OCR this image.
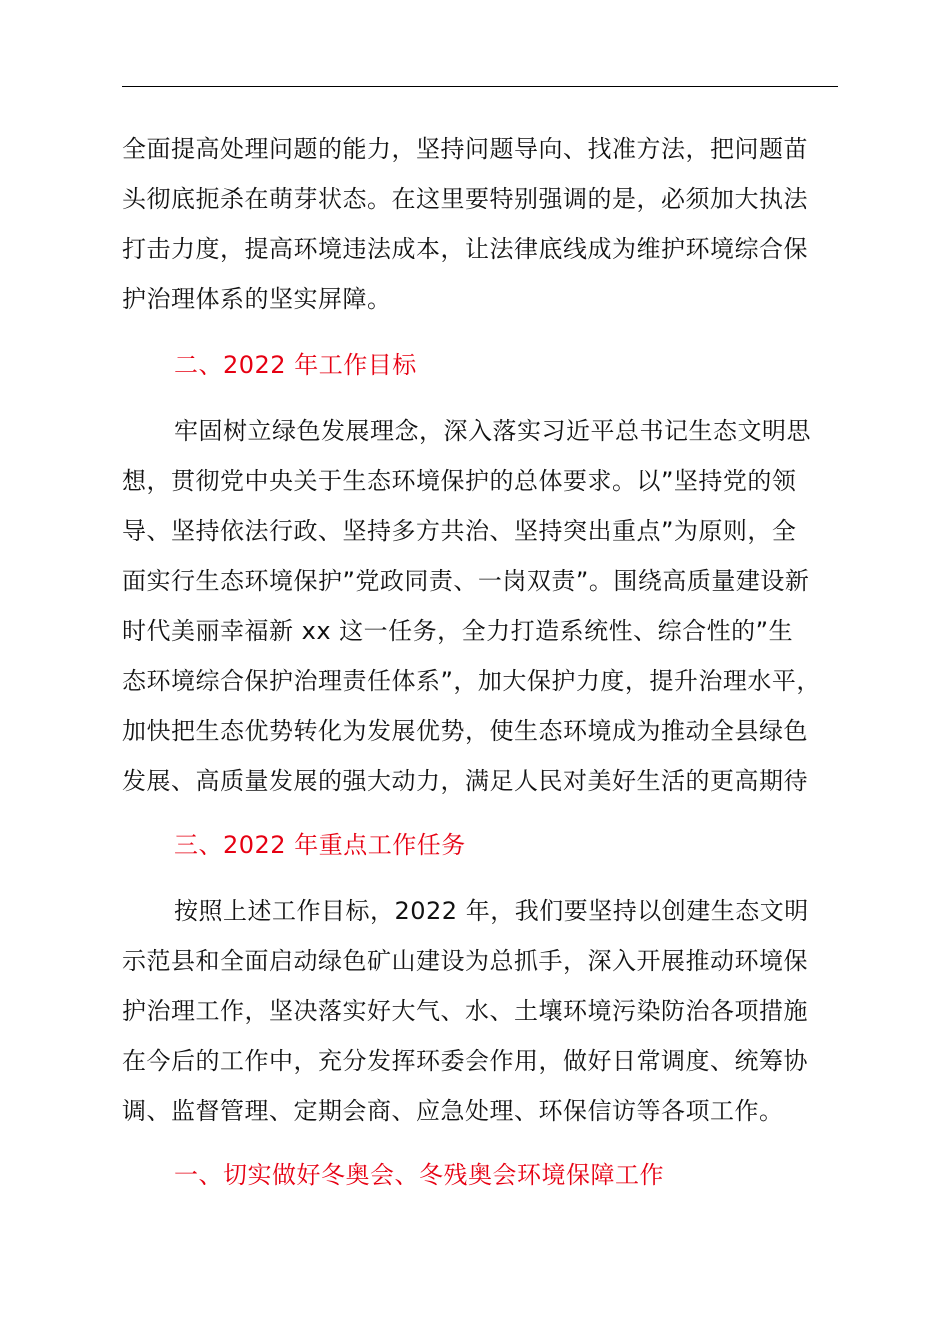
全面提高处理问题的能力，坚持问题导向、找准方法，把问题苗
头彻底扼杀在萌芽状态。在这里要特别强调的是，必须加大执法
打击力度，提高环境违法成本，让法律底线成为维护环境综合保
护治理体系的坚实屏障。
二、2022 年工作目标
牢固树立绿色发展理念，深入落实习近平总书记生态文明思
想，贯彻党中央关于生态环境保护的总体要求。以”坚持党的领
导、坚持依法行政、坚持多方共治、坚持突出重点”为原则，全
面实行生态环境保护”党政同责、一岗双责”。围绕高质量建设新
时代美丽幸福新 xx 这一任务，全力打造系统性、综合性的”生
态环境综合保护治理责任体系”，加大保护力度，提升治理水平，
加快把生态优势转化为发展优势，使生态环境成为推动全县绿色
发展、高质量发展的强大动力，满足人民对美好生活的更高期待
三、2022 年重点工作任务
按照上述工作目标，2022 年，我们要坚持以创建生态文明
示范县和全面启动绿色矿山建设为总抓手，深入开展推动环境保
护治理工作，坚决落实好大气、水、土壤环境污染防治各项措施
在今后的工作中，充分发挥环委会作用，做好日常调度、统筹协
调、监督管理、定期会商、应急处理、环保信访等各项工作。
一、切实做好冬奥会、冬残奥会环境保障工作
